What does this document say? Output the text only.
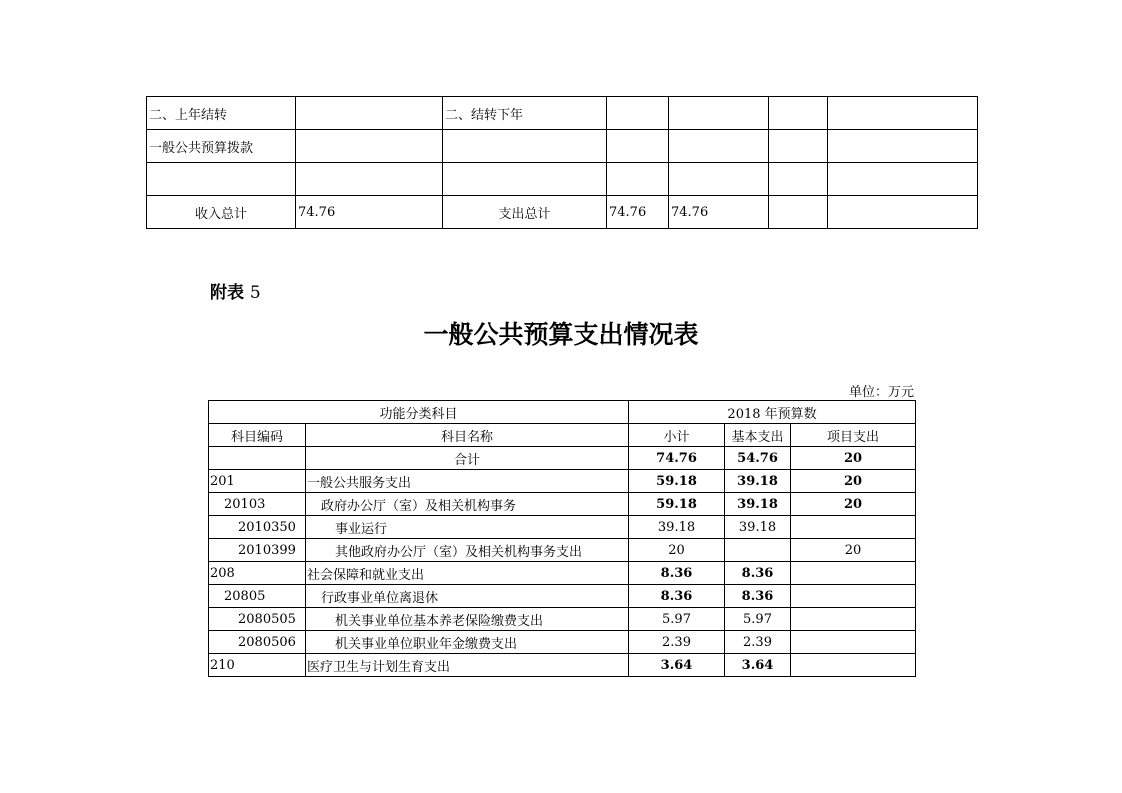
二、上年结转		二、结转下年				
一般公共预算拨款						

收入总计	74.76	支出总计	74.76	74.76		
附表 5
一般公共预算支出情况表
单位：万元
功能分类科目		2018 年预算数		
科目编码	科目名称	小计	基本支出	项目支出
	合计	74.76	54.76	20
201	一般公共服务支出	59.18	39.18	20
20103	政府办公厅（室）及相关机构事务	59.18	39.18	20
2010350	事业运行	39.18	39.18	
2010399	其他政府办公厅（室）及相关机构事务支出	20		20
208	社会保障和就业支出	8.36	8.36	
20805	行政事业单位离退休	8.36	8.36	
2080505	机关事业单位基本养老保险缴费支出	5.97	5.97	
2080506	机关事业单位职业年金缴费支出	2.39	2.39	
210	医疗卫生与计划生育支出	3.64	3.64	
